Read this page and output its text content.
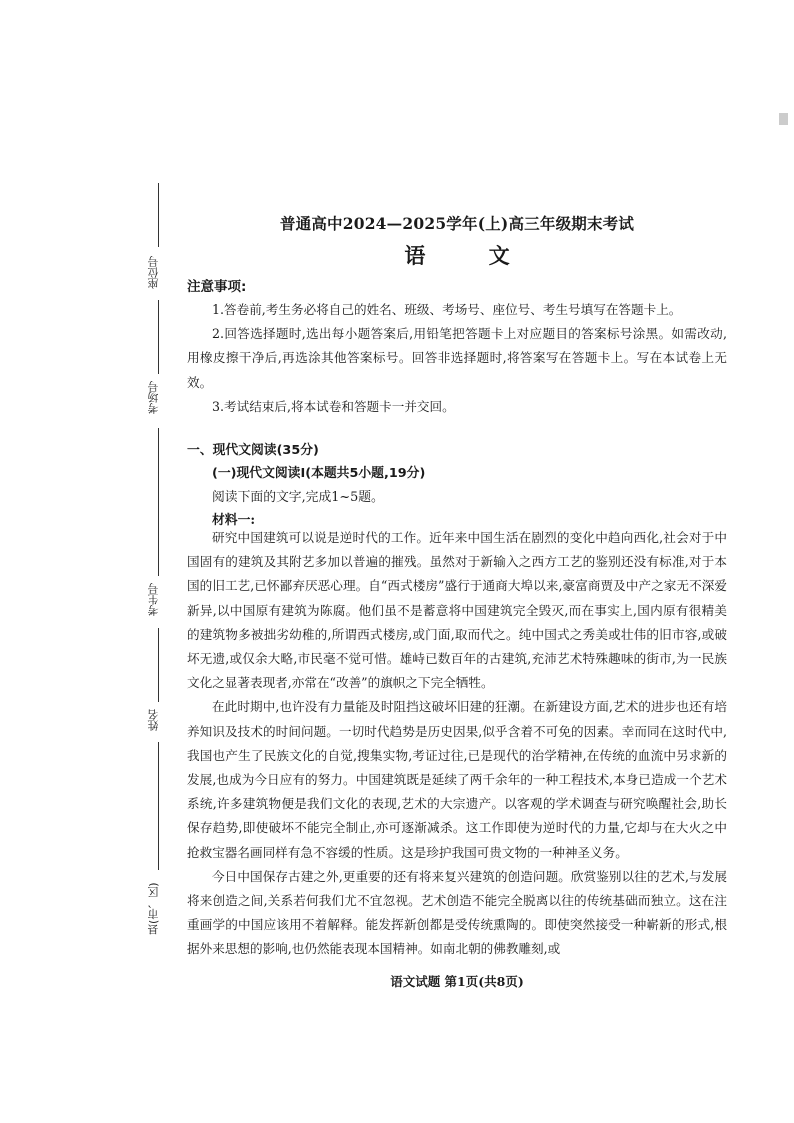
座位号
考场号
考生号
姓名
县(市、区)
普通高中2024—2025学年(上)高三年级期末考试
语 文
注意事项:

1.答卷前,考生务必将自己的姓名、班级、考场号、座位号、考生号填写在答题卡上。

2.回答选择题时,选出每小题答案后,用铅笔把答题卡上对应题目的答案标号涂黑。如需改动,用橡皮擦干净后,再选涂其他答案标号。回答非选择题时,将答案写在答题卡上。写在本试卷上无效。

3.考试结束后,将本试卷和答题卡一并交回。

一、现代文阅读(35分)
(一)现代文阅读Ⅰ(本题共5小题,19分)
阅读下面的文字,完成1~5题。
材料一:

研究中国建筑可以说是逆时代的工作。近年来中国生活在剧烈的变化中趋向西化,社会对于中国固有的建筑及其附艺多加以普遍的摧残。虽然对于新输入之西方工艺的鉴别还没有标准,对于本国的旧工艺,已怀鄙弃厌恶心理。自“西式楼房”盛行于通商大埠以来,豪富商贾及中产之家无不深爱新异,以中国原有建筑为陈腐。他们虽不是蓄意将中国建筑完全毁灭,而在事实上,国内原有很精美的建筑物多被拙劣幼稚的,所谓西式楼房,或门面,取而代之。纯中国式之秀美或壮伟的旧市容,或破坏无遗,或仅余大略,市民毫不觉可惜。雄峙已数百年的古建筑,充沛艺术特殊趣味的街市,为一民族文化之显著表现者,亦常在“改善”的旗帜之下完全牺牲。

在此时期中,也许没有力量能及时阻挡这破坏旧建的狂潮。在新建设方面,艺术的进步也还有培养知识及技术的时间问题。一切时代趋势是历史因果,似乎含着不可免的因素。幸而同在这时代中,我国也产生了民族文化的自觉,搜集实物,考证过往,已是现代的治学精神,在传统的血流中另求新的发展,也成为今日应有的努力。中国建筑既是延续了两千余年的一种工程技术,本身已造成一个艺术系统,许多建筑物便是我们文化的表现,艺术的大宗遗产。以客观的学术调查与研究唤醒社会,助长保存趋势,即使破坏不能完全制止,亦可逐渐减杀。这工作即使为逆时代的力量,它却与在大火之中抢救宝器名画同样有急不容缓的性质。这是珍护我国可贵文物的一种神圣义务。

今日中国保存古建之外,更重要的还有将来复兴建筑的创造问题。欣赏鉴别以往的艺术,与发展将来创造之间,关系若何我们尤不宜忽视。艺术创造不能完全脱离以往的传统基础而独立。这在注重画学的中国应该用不着解释。能发挥新创都是受传统熏陶的。即使突然接受一种嶄新的形式,根据外来思想的影响,也仍然能表现本国精神。如南北朝的佛教雕刻,或

语文试题 第1页(共8页)
